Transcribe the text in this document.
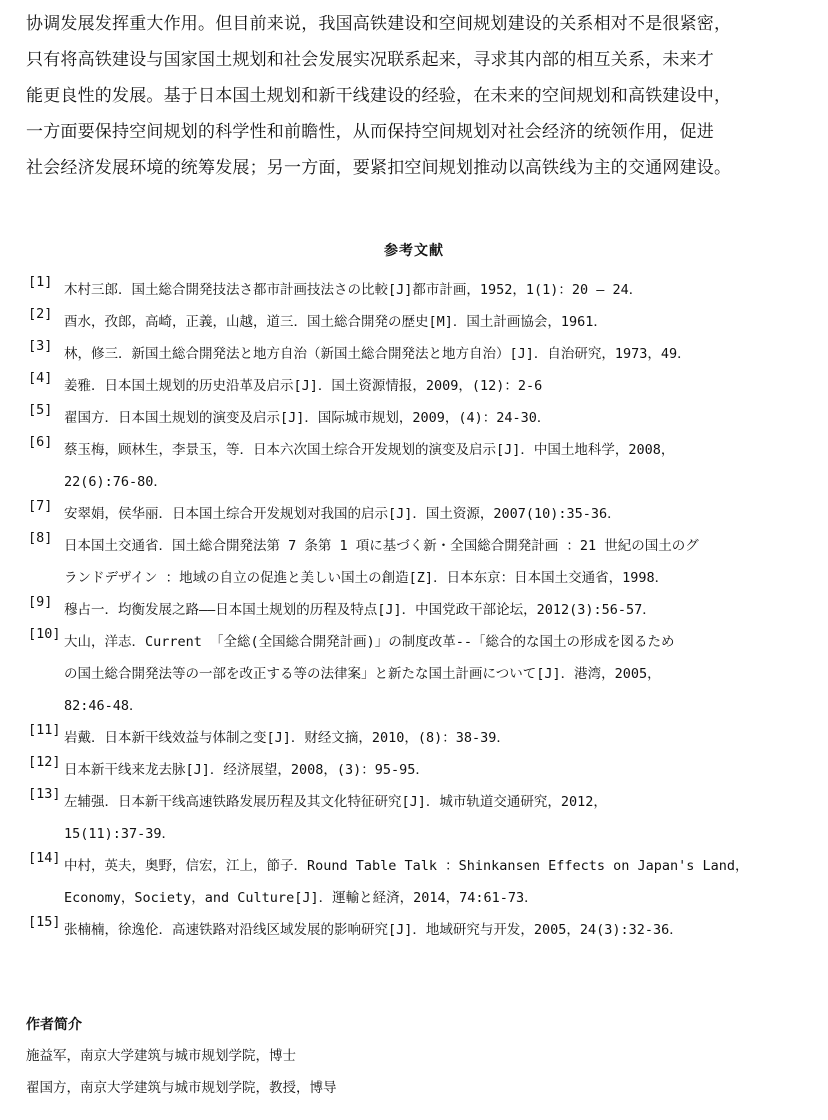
协调发展发挥重大作用。但目前来说，我国高铁建设和空间规划建设的关系相对不是很紧密，
只有将高铁建设与国家国土规划和社会发展实况联系起来，寻求其内部的相互关系，未来才
能更良性的发展。基于日本国土规划和新干线建设的经验，在未来的空间规划和高铁建设中，
一方面要保持空间规划的科学性和前瞻性，从而保持空间规划对社会经济的统领作用，促进
社会经济发展环境的统筹发展；另一方面，要紧扣空间规划推动以高铁线为主的交通网建设。
参考文献
[1] 木村三郎．国土総合開発技法さ都市計画技法さの比較[J]都市計画，1952，1(1)：20 — 24．
[2] 酉水，孜郎，高崎，正義，山越，道三．国土総合開発の歴史[M]．国土計画協会，1961．
[3] 林，修三．新国土総合開発法と地方自治（新国土総合開発法と地方自治）[J]．自治研究，1973，49．
[4] 姜雅．日本国土规划的历史沿革及启示[J]．国土资源情报，2009，(12)：2-6
[5] 翟国方．日本国土规划的演变及启示[J]．国际城市规划，2009，(4)：24-30．
[6] 蔡玉梅，顾林生，李景玉，等．日本六次国土综合开发规划的演变及启示[J]．中国土地科学，2008，
22(6):76-80．
[7] 安翠娟，侯华丽．日本国土综合开发规划对我国的启示[J]．国土资源，2007(10):35-36．
[8] 日本国土交通省．国土総合開発法第 7 条第 1 項に基づく新・全国総合開発計画 ：21 世紀の国土のグ
ランドデザイン ：地域の自立の促進と美しい国土の創造[Z]．日本东京：日本国土交通省，1998．
[9] 穆占一．均衡发展之路——日本国土规划的历程及特点[J]．中国党政干部论坛，2012(3):56-57．
[10] 大山，洋志．Current 「全総(全国総合開発計画)」の制度改革--「総合的な国土の形成を図るため
の国土総合開発法等の一部を改正する等の法律案」と新たな国土計画について[J]．港湾，2005，
82:46-48．
[11] 岩戴．日本新干线效益与体制之变[J]．财经文摘，2010，(8)：38-39．
[12] 日本新干线来龙去脉[J]．经济展望，2008，(3)：95-95．
[13] 左辅强．日本新干线高速铁路发展历程及其文化特征研究[J]．城市轨道交通研究，2012，
15(11):37-39．
[14] 中村，英夫，奥野，信宏，江上，節子．Round Table Talk ：Shinkansen Effects on Japan's Land，
Economy，Society，and Culture[J]．運輸と経済，2014，74:61-73．
[15] 张楠楠，徐逸伦．高速铁路对沿线区域发展的影响研究[J]．地域研究与开发，2005，24(3):32-36．
作者简介
施益军，南京大学建筑与城市规划学院，博士
翟国方，南京大学建筑与城市规划学院，教授，博导
